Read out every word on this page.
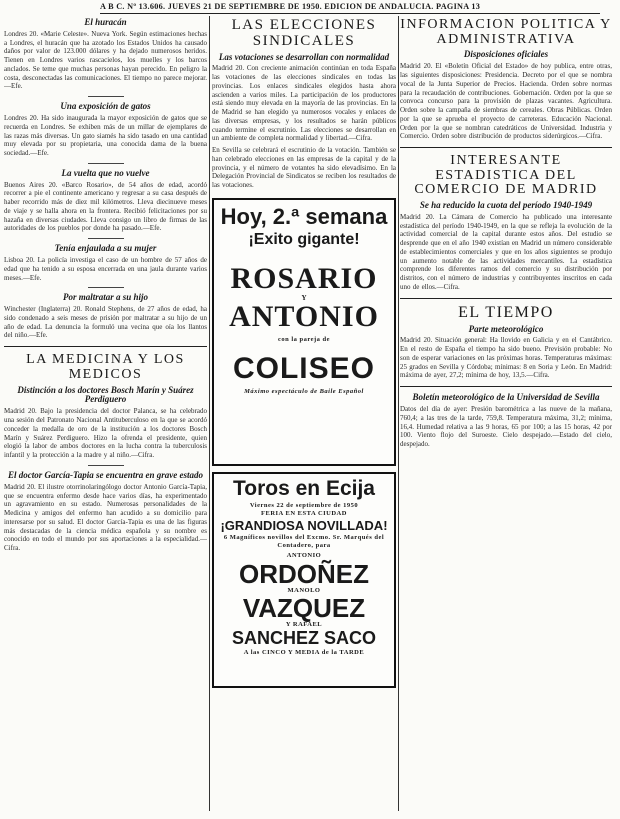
A B C. Nº 13.606. JUEVES 21 DE SEPTIEMBRE DE 1950. EDICION DE ANDALUCIA. PAGINA 13
El huracán
Londres 20. «Marie Celeste». Nueva York. Según estimaciones hechas a Londres, el huracán que ha azotado los Estados Unidos ha causado daños por valor de 123.000 dólares y ha dejado numerosos heridos. Tienen en Londres varios rascacielos, los muelles y los barcos anclados. Se teme que muchas personas hayan perecido. En peligro la costa, desconectadas las comunicaciones. El tiempo no parece mejorar.—Efe.
Una exposición de gatos
Londres 20. Ha sido inaugurada la mayor exposición de gatos que se recuerda en Londres. Se exhiben más de un millar de ejemplares de las razas más diversas. Un gato siamés ha sido tasado en una cantidad muy elevada por su propietaria, una conocida dama de la buena sociedad.—Efe.
La vuelta que no vuelve
Buenos Aires 20. «Barco Rosario», de 54 años de edad, acordó recorrer a pie el continente americano y regresar a su casa después de haber recorrido más de diez mil kilómetros. Lleva diecinueve meses de viaje y se halla ahora en la frontera. Recibió felicitaciones por su hazaña en diversas ciudades. Lleva consigo un libro de firmas de las autoridades de los pueblos por donde ha pasado.—Efe.
Tenía enjaulada a su mujer
Lisboa 20. La policía investiga el caso de un hombre de 57 años de edad que ha tenido a su esposa encerrada en una jaula durante varios meses.—Efe.
Por maltratar a su hijo
Winchester (Inglaterra) 20. Ronald Stephens, de 27 años de edad, ha sido condenado a seis meses de prisión por maltratar a su hijo de un año de edad. La denuncia la formuló una vecina que oía los llantos del niño.—Efe.
LA MEDICINA Y LOS MEDICOS
Distinción a los doctores Bosch Marín y Suárez Perdiguero
Madrid 20. Bajo la presidencia del doctor Palanca, se ha celebrado una sesión del Patronato Nacional Antituberculoso en la que se acordó conceder la medalla de oro de la institución a los doctores Bosch Marín y Suárez Perdiguero. Hizo la ofrenda el presidente, quien elogió la labor de ambos doctores en la lucha contra la tuberculosis infantil y la protección a la madre y al niño.—Cifra.
El doctor García-Tapia se encuentra en grave estado
Madrid 20. El ilustre otorrinolaringólogo doctor Antonio García-Tapia, que se encuentra enfermo desde hace varios días, ha experimentado un agravamiento en su estado. Numerosas personalidades de la Medicina y amigos del enfermo han acudido a su domicilio para interesarse por su salud. El doctor García-Tapia es una de las figuras más destacadas de la ciencia médica española y su nombre es conocido en todo el mundo por sus aportaciones a la especialidad.—Cifra.
LAS ELECCIONES SINDICALES
Las votaciones se desarrollan con normalidad
Madrid 20. Con creciente animación continúan en toda España las votaciones de las elecciones sindicales en todas las provincias. Los enlaces sindicales elegidos hasta ahora ascienden a varios miles. La participación de los productores está siendo muy elevada en la mayoría de las provincias. En la de Madrid se han elegido ya numerosos vocales y enlaces de las diversas empresas, y los resultados se harán públicos cuando termine el escrutinio. Las elecciones se desarrollan en un ambiente de completa normalidad y libertad.—Cifra.
En Sevilla se celebrará el escrutinio de la votación. También se han celebrado elecciones en las empresas de la capital y de la provincia, y el número de votantes ha sido elevadísimo. En la Delegación Provincial de Sindicatos se reciben los resultados de las votaciones.
Hoy, 2.ª semana
¡Exito gigante!
ROSARIO
Y
ANTONIO
con la pareja de
COLISEO
Máximo espectáculo de Baile Español
Toros en Ecija
Viernes 22 de septiembre de 1950
FERIA EN ESTA CIUDAD
¡GRANDIOSA NOVILLADA!
6 Magníficos novillos del Excmo. Sr. Marqués del Contadero, para
ANTONIO
ORDOÑEZ
MANOLO
VAZQUEZ
Y RAFAEL
SANCHEZ SACO
A las CINCO Y MEDIA de la TARDE
INFORMACION POLITICA Y ADMINISTRATIVA
Disposiciones oficiales
Madrid 20. El «Boletín Oficial del Estado» de hoy publica, entre otras, las siguientes disposiciones: Presidencia. Decreto por el que se nombra vocal de la Junta Superior de Precios. Hacienda. Orden sobre normas para la recaudación de contribuciones. Gobernación. Orden por la que se convoca concurso para la provisión de plazas vacantes. Agricultura. Orden sobre la campaña de siembras de cereales. Obras Públicas. Orden por la que se aprueba el proyecto de carreteras. Educación Nacional. Orden por la que se nombran catedráticos de Universidad. Industria y Comercio. Orden sobre distribución de productos siderúrgicos.—Cifra.
INTERESANTE ESTADISTICA DEL COMERCIO DE MADRID
Se ha reducido la cuota del período 1940-1949
Madrid 20. La Cámara de Comercio ha publicado una interesante estadística del período 1940-1949, en la que se refleja la evolución de la actividad comercial de la capital durante estos años. Del estudio se desprende que en el año 1940 existían en Madrid un número considerable de establecimientos comerciales y que en los años siguientes se produjo un aumento notable de las actividades mercantiles. La estadística comprende los diferentes ramos del comercio y su distribución por distritos, con el número de industrias y contribuyentes inscritos en cada uno de ellos.—Cifra.
EL TIEMPO
Parte meteorológico
Madrid 20. Situación general: Ha llovido en Galicia y en el Cantábrico. En el resto de España el tiempo ha sido bueno. Previsión probable: No son de esperar variaciones en las próximas horas. Temperaturas máximas: 25 grados en Sevilla y Córdoba; mínimas: 8 en Soria y León. En Madrid: máxima de ayer, 27,2; mínima de hoy, 13,5.—Cifra.
Boletín meteorológico de la Universidad de Sevilla
Datos del día de ayer: Presión barométrica a las nueve de la mañana, 760,4; a las tres de la tarde, 759,8. Temperatura máxima, 31,2; mínima, 16,4. Humedad relativa a las 9 horas, 65 por 100; a las 15 horas, 42 por 100. Viento flojo del Suroeste. Cielo despejado.—Estado del cielo, despejado.
